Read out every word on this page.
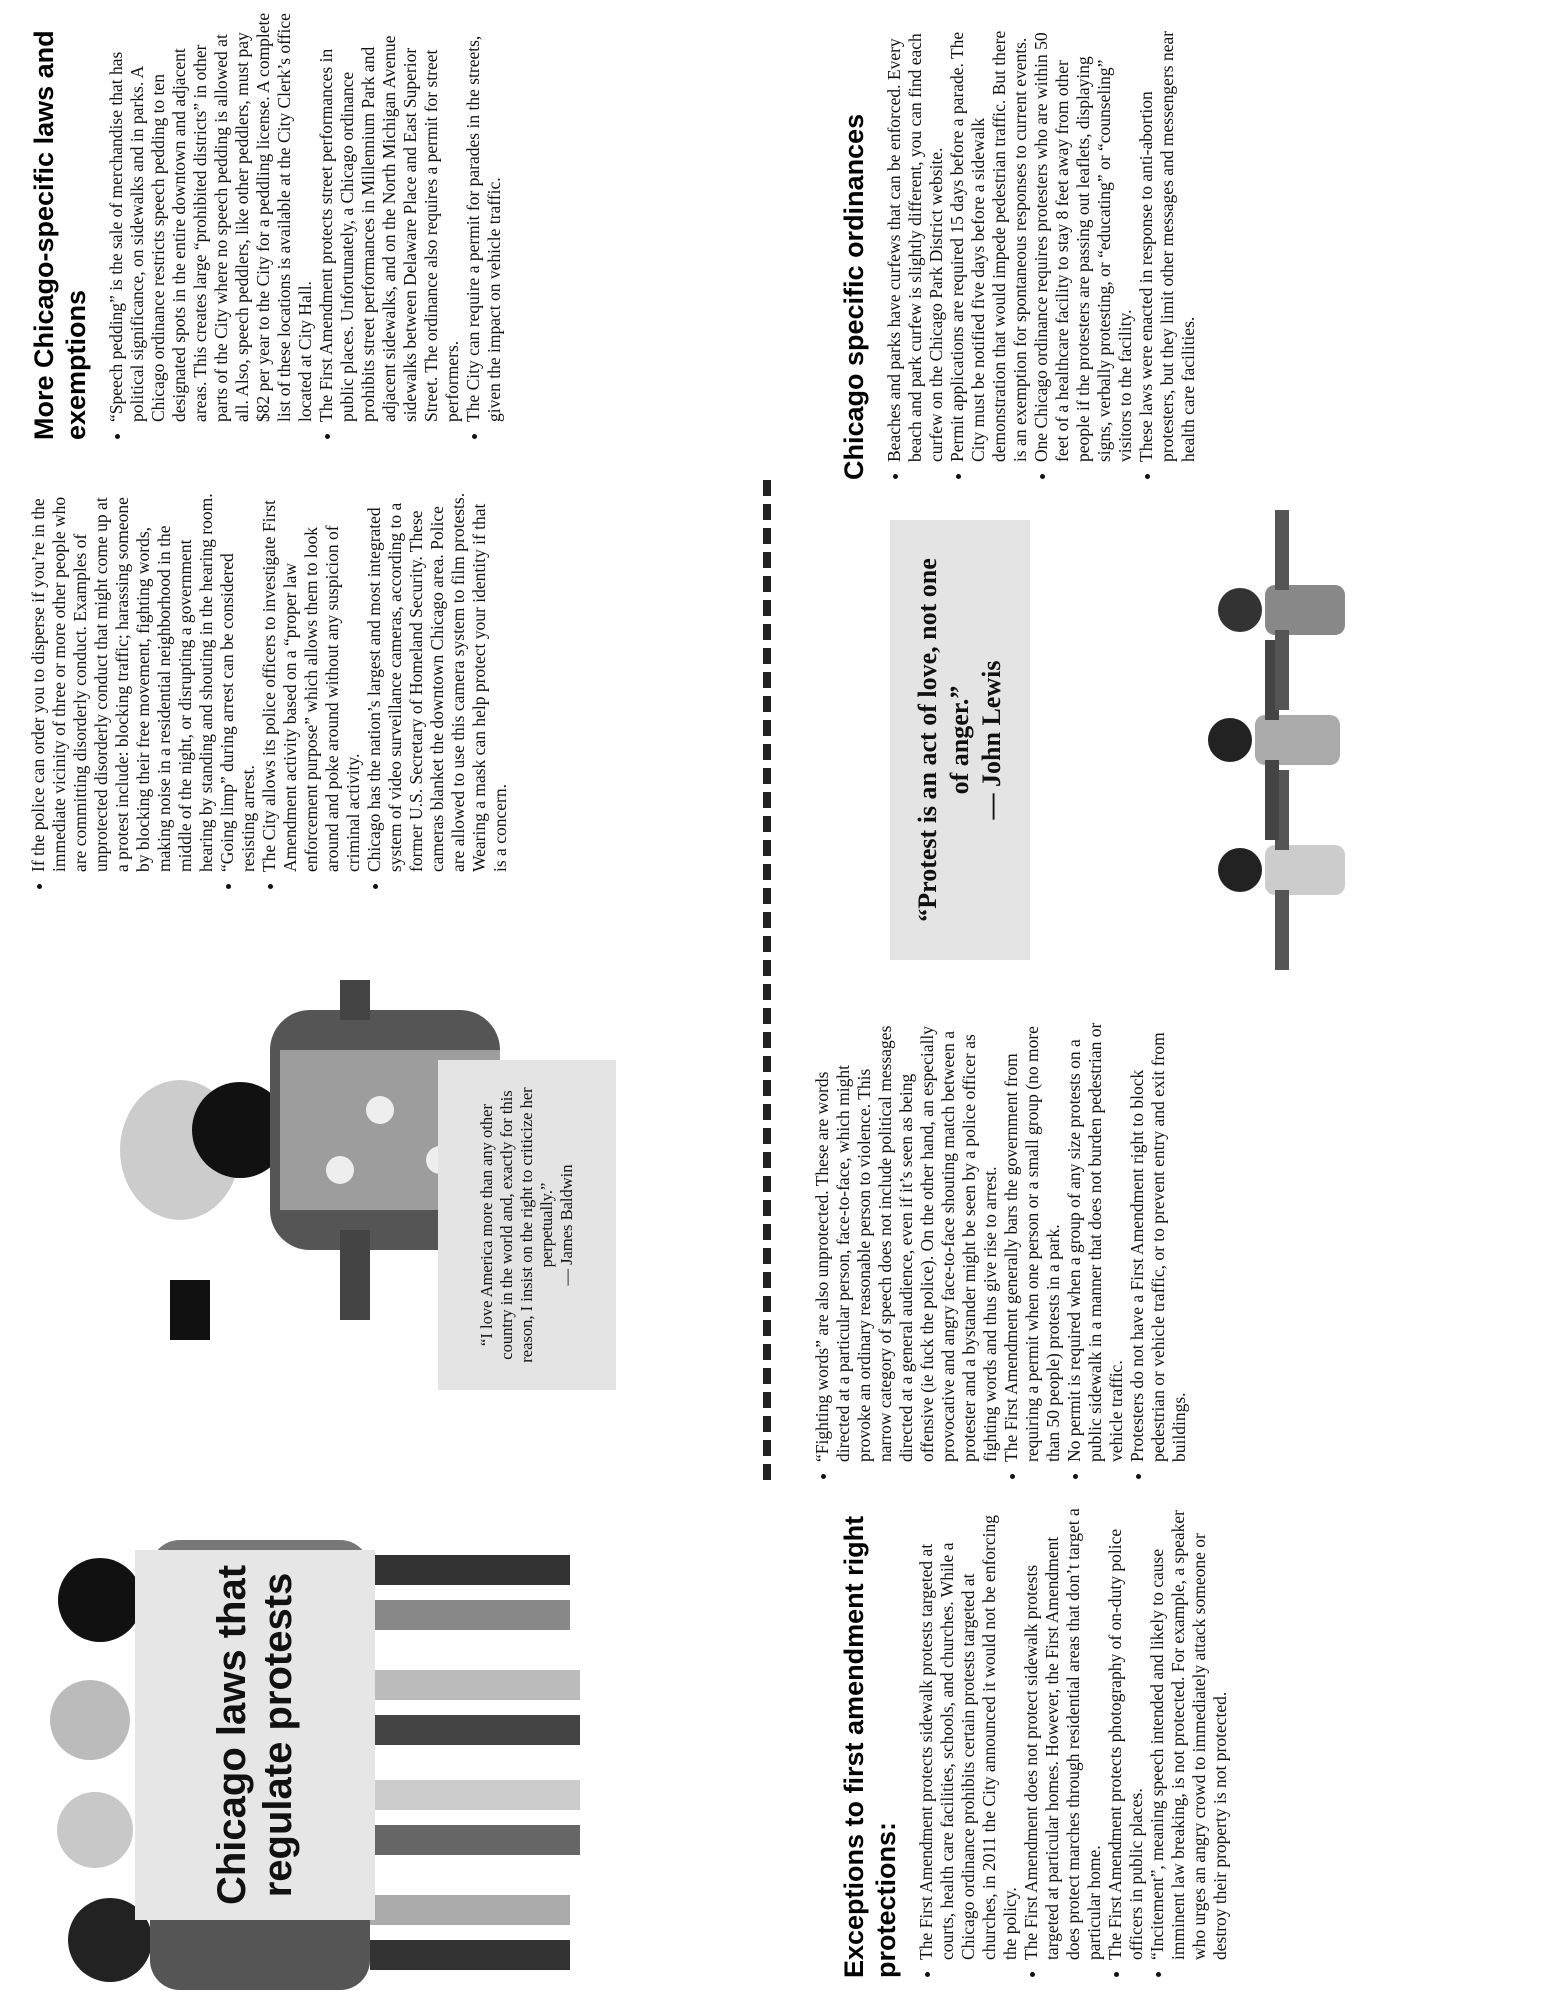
Chicago laws that regulate protests	Exceptions to first amendment right protections: • The First Amendment protects sidewalk protests targeted at courts, health care facilities, schools, and churches. While a Chicago ordinance prohibits certain protests targeted at churches, in 2011 the City announced it would not be enforcing the policy. • The First Amendment does not protect sidewalk protests targeted at particular homes. However, the First Amendment does protect marches through residential areas that don’t target a particular home. • The First Amendment protects photography of on-duty police officers in public places. • “Incitement”, meaning speech intended and likely to cause imminent law breaking, is not protected. For example, a speaker who urges an angry crowd to immediately attack someone or destroy their property is not protected.
• “Fighting words” are also unprotected. These are words directed at a particular person, face-to-face, which might provoke an ordinary reasonable person to violence. This narrow category of speech does not include political messages directed at a general audience, even if it’s seen as being offensive (ie fuck the police). On the other hand, an especially provocative and angry face-to-face shouting match between a protester and a bystander might be seen by a police officer as fighting words and thus give rise to arrest. • The First Amendment generally bars the government from requiring a permit when one person or a small group (no more than 50 people) protests in a park. • No permit is required when a group of any size protests on a public sidewalk in a manner that does not burden pedestrian or vehicle traffic. • Protesters do not have a First Amendment right to block pedestrian or vehicle traffic, or to prevent entry and exit from buildings.
“Protest is an act of love, not one of anger.” — John Lewis
Chicago specific ordinances • Beaches and parks have curfews that can be enforced. Every beach and park curfew is slightly different, you can find each curfew on the Chicago Park District website. • Permit applications are required 15 days before a parade. The City must be notified five days before a sidewalk demonstration that would impede pedestrian traffic. But there is an exemption for spontaneous responses to current events. • One Chicago ordinance requires protesters who are within 50 feet of a healthcare facility to stay 8 feet away from other people if the protesters are passing out leaflets, displaying signs, verbally protesting, or “educating” or “counseling” visitors to the facility. • These laws were enacted in response to anti-abortion protesters, but they limit other messages and messengers near health care facilities.
“I love America more than any other country in the world and, exactly for this reason, I insist on the right to criticize her perpetually.” — James Baldwin
• If the police can order you to disperse if you’re in the immediate vicinity of three or more other people who are committing disorderly conduct. Examples of unprotected disorderly conduct that might come up at a protest include: blocking traffic; harassing someone by blocking their free movement, fighting words, making noise in a residential neighborhood in the middle of the night, or disrupting a government hearing by standing and shouting in the hearing room. • “Going limp” during arrest can be considered resisting arrest. • The City allows its police officers to investigate First Amendment activity based on a “proper law enforcement purpose” which allows them to look around and poke around without any suspicion of criminal activity. • Chicago has the nation’s largest and most integrated system of video surveillance cameras, according to a former U.S. Secretary of Homeland Security. These cameras blanket the downtown Chicago area. Police are allowed to use this camera system to film protests. Wearing a mask can help protect your identity if that is a concern.
More Chicago-specific laws and exemptions • “Speech pedding” is the sale of merchandise that has political significance, on sidewalks and in parks. A Chicago ordinance restricts speech pedding to ten designated spots in the entire downtown and adjacent areas. This creates large “prohibited districts” in other parts of the City where no speech pedding is allowed at all. Also, speech peddlers, like other peddlers, must pay $82 per year to the City for a peddling license. A complete list of these locations is available at the City Clerk’s office located at City Hall. • The First Amendment protects street performances in public places. Unfortunately, a Chicago ordinance prohibits street performances in Millennium Park and adjacent sidewalks, and on the North Michigan Avenue sidewalks between Delaware Place and East Superior Street. The ordinance also requires a permit for street performers. • The City can require a permit for parades in the streets, given the impact on vehicle traffic.
